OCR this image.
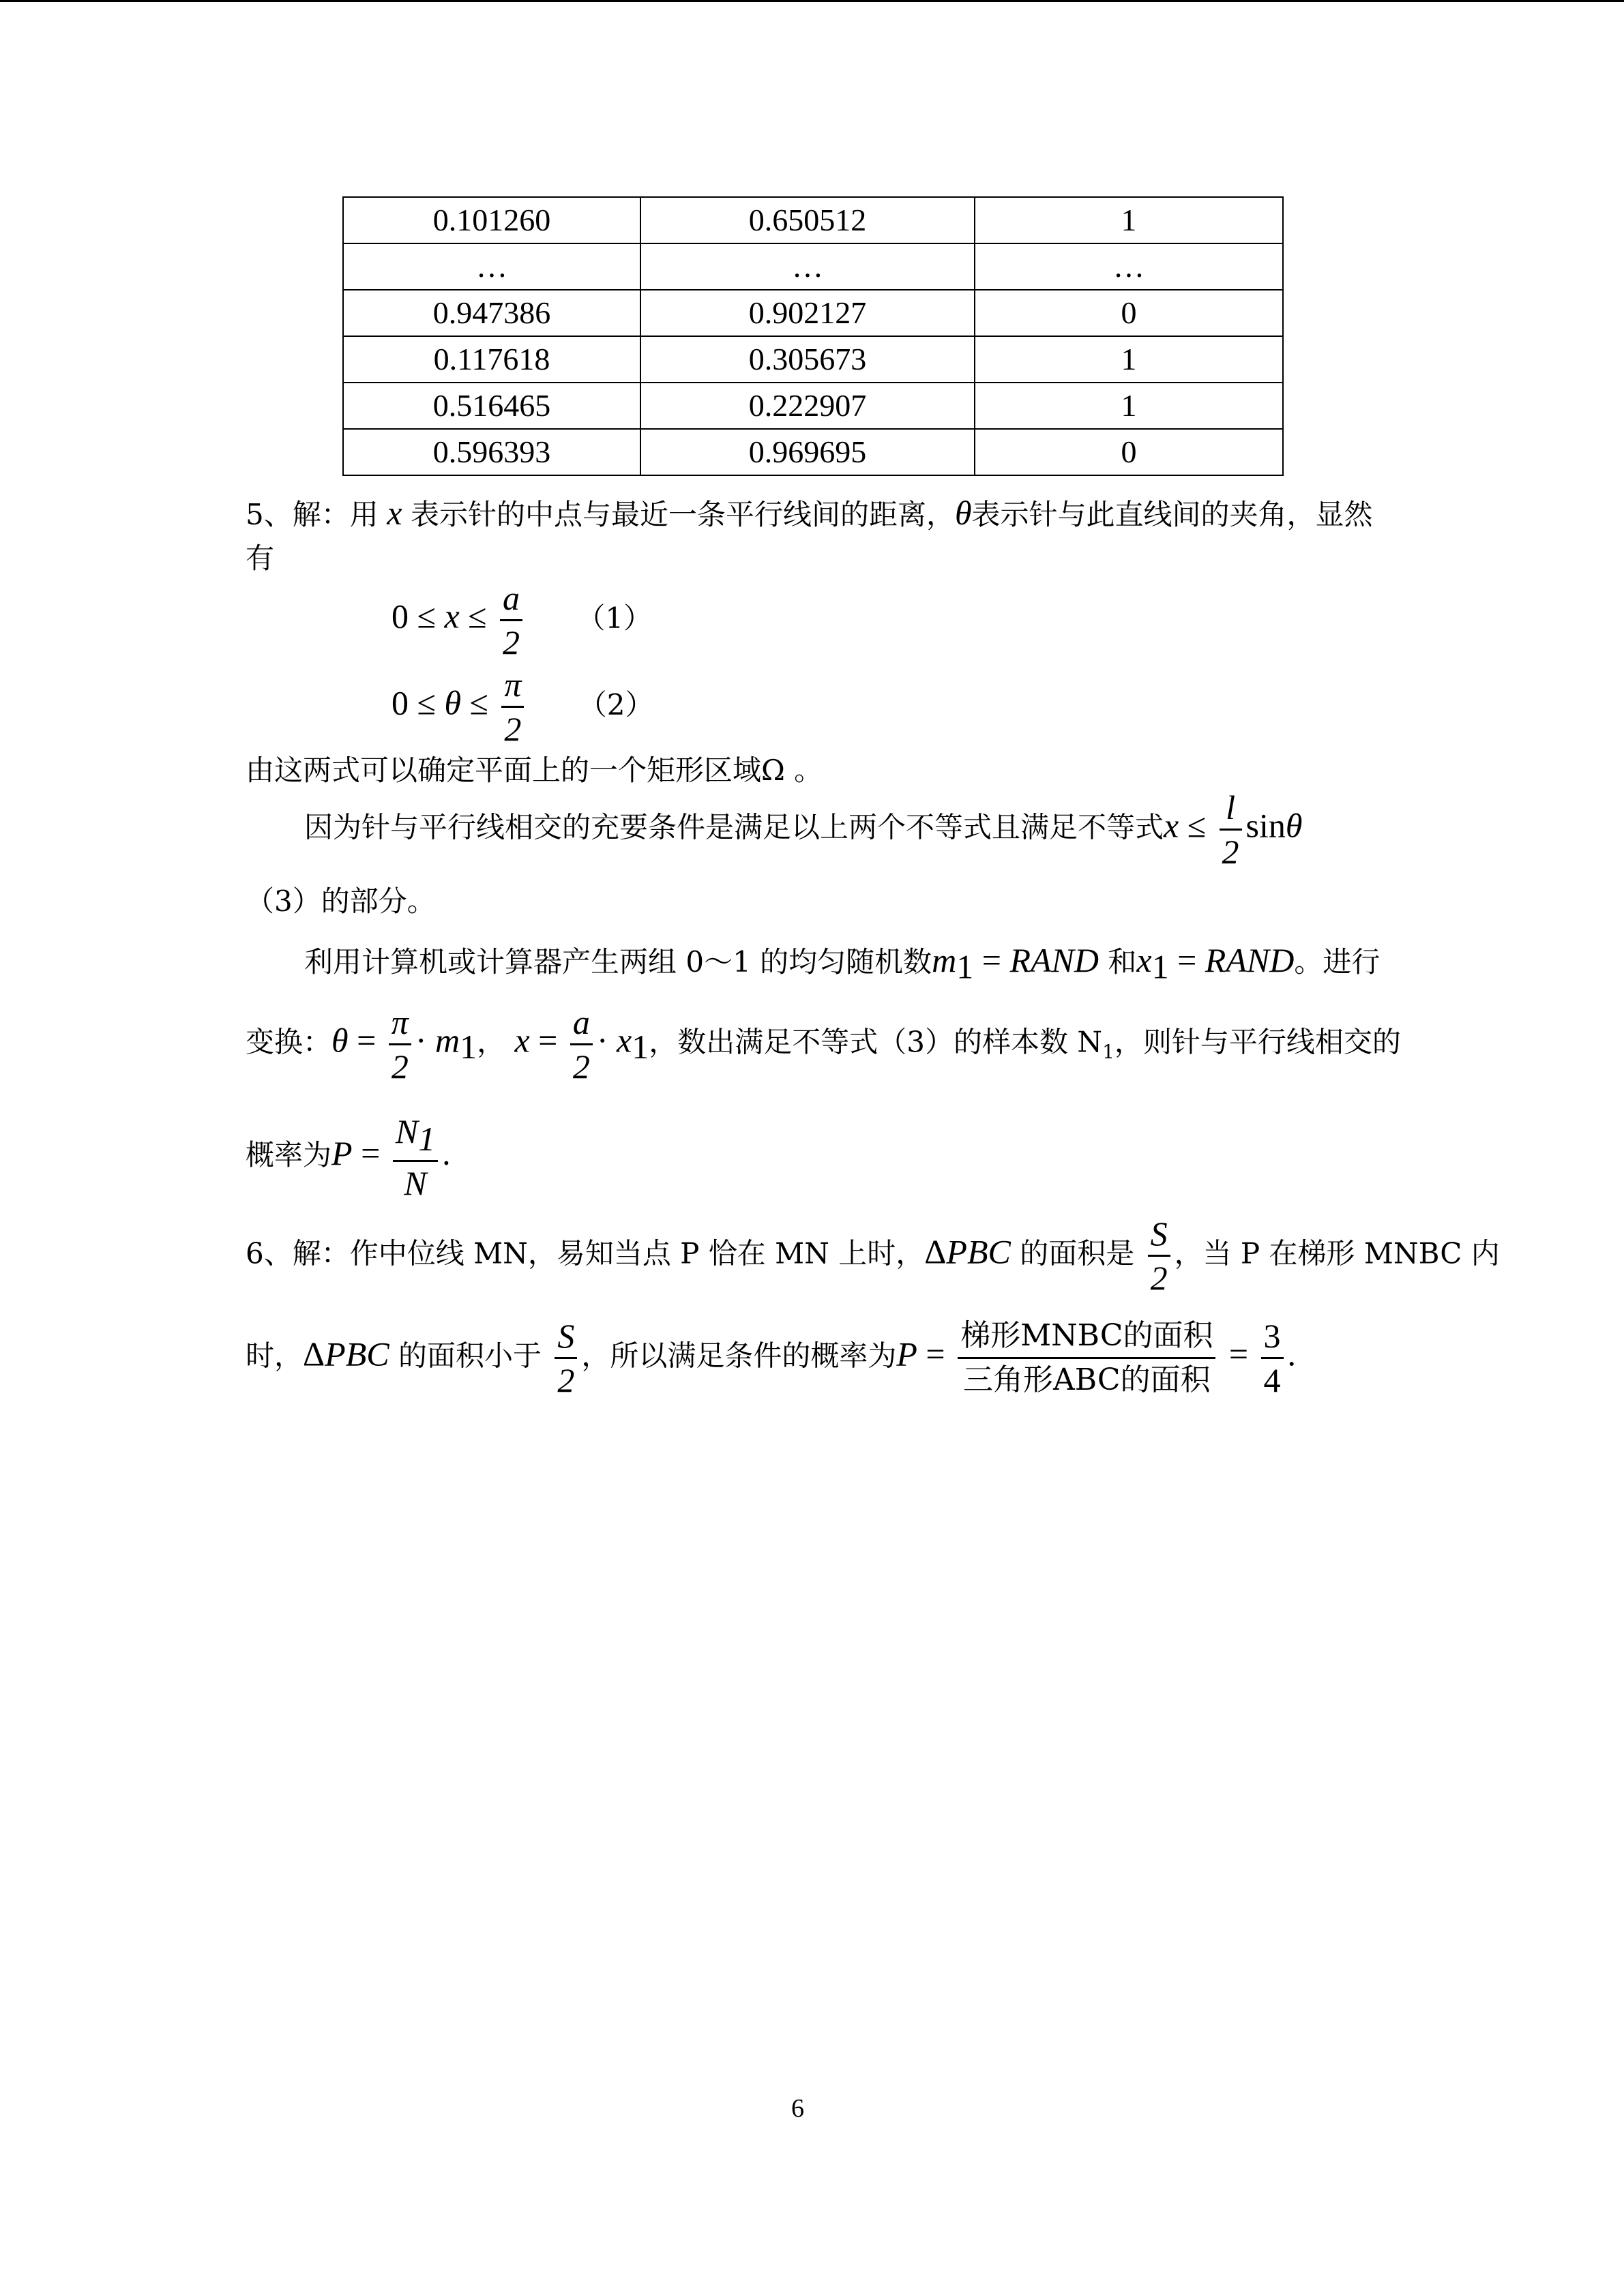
0.101260	0.650512	1
…	…	…
0.947386	0.902127	0
0.117618	0.305673	1
0.516465	0.222907	1
0.596393	0.969695	0
5、解：用 x 表示针的中点与最近一条平行线间的距离，θ表示针与此直线间的夹角，显然
有
$0 \le x \le \frac{a}{2} (1)$
$0 \le \theta \le \frac{\pi}{2} (2)$
由这两式可以确定平面上的一个矩形区域Ω 。
因为针与平行线相交的充要条件是满足以上两个不等式且满足不等式$x \le \frac{l}{2}$ sinθ
（3）的部分。
利用计算机或计算器产生两组 0～1 的均匀随机数$m_1$ = RAND 和$x_1$ = RAND。进行
变换：$\theta = \frac{\pi}{2} \cdot m_1$， $x = \frac{a}{2} \cdot x_1$，数出满足不等式（3）的样本数 $N_1$，则针与平行线相交的
概率为$P = \frac{N_1}{N}$ .
6、解：作中位线 MN，易知当点 P 恰在 MN 上时，ΔPBC 的面积是 $\frac{S}{2}$ ，当 P 在梯形 MNBC 内
时，ΔPBC 的面积小于 $\frac{S}{2}$ ，所以满足条件的概率为$P = \frac{\text{梯形MNBC的面积}}{\text{三角形ABC的面积}} = \frac{3}{4}$ .
6
